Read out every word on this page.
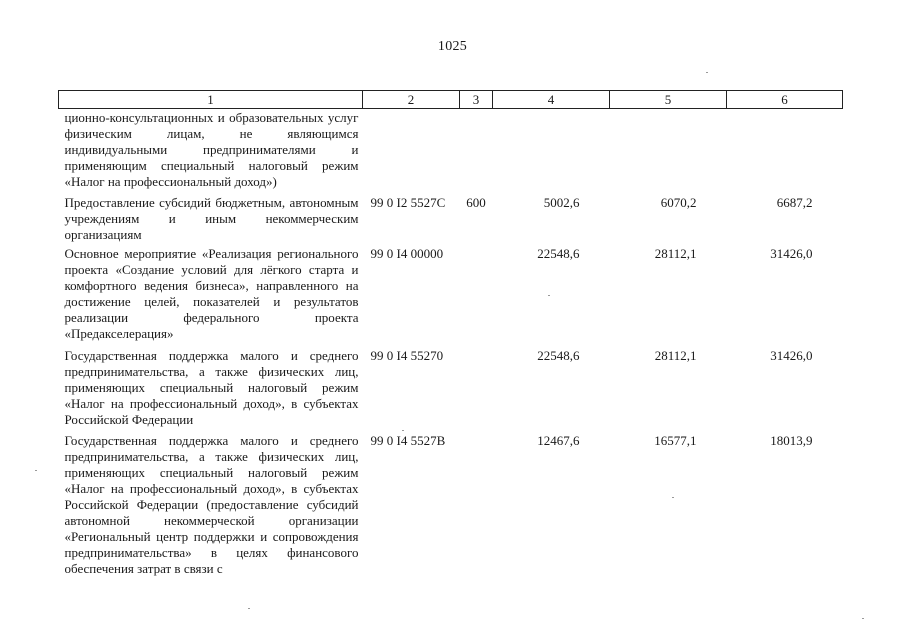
1025
1	2	3	4	5	6
ционно-консультационных и образовательных услуг физическим лицам, не являющимся индивидуальными предпринимателями и применяющим специальный налоговый режим «Налог на профессиональный доход»)					
Предоставление субсидий бюджетным, автономным учреждениям и иным некоммерческим организациям	99 0 I2 5527C	600	5002,6	6070,2	6687,2
Основное мероприятие «Реализация регионального проекта «Создание условий для лёгкого старта и комфортного ведения бизнеса», направленного на достижение целей, показателей и результатов реализации федерального проекта «Предакселерация»	99 0 I4 00000		22548,6	28112,1	31426,0
Государственная поддержка малого и среднего предпринимательства, а также физических лиц, применяющих специальный налоговый режим «Налог на профессиональный доход», в субъектах Российской Федерации	99 0 I4 55270		22548,6	28112,1	31426,0
Государственная поддержка малого и среднего предпринимательства, а также физических лиц, применяющих специальный налоговый режим «Налог на профессиональный доход», в субъектах Российской Федерации (предоставление субсидий автономной некоммерческой организации «Региональный центр поддержки и сопровождения предпринимательства» в целях финансового обеспечения затрат в связи с	99 0 I4 5527B		12467,6	16577,1	18013,9
